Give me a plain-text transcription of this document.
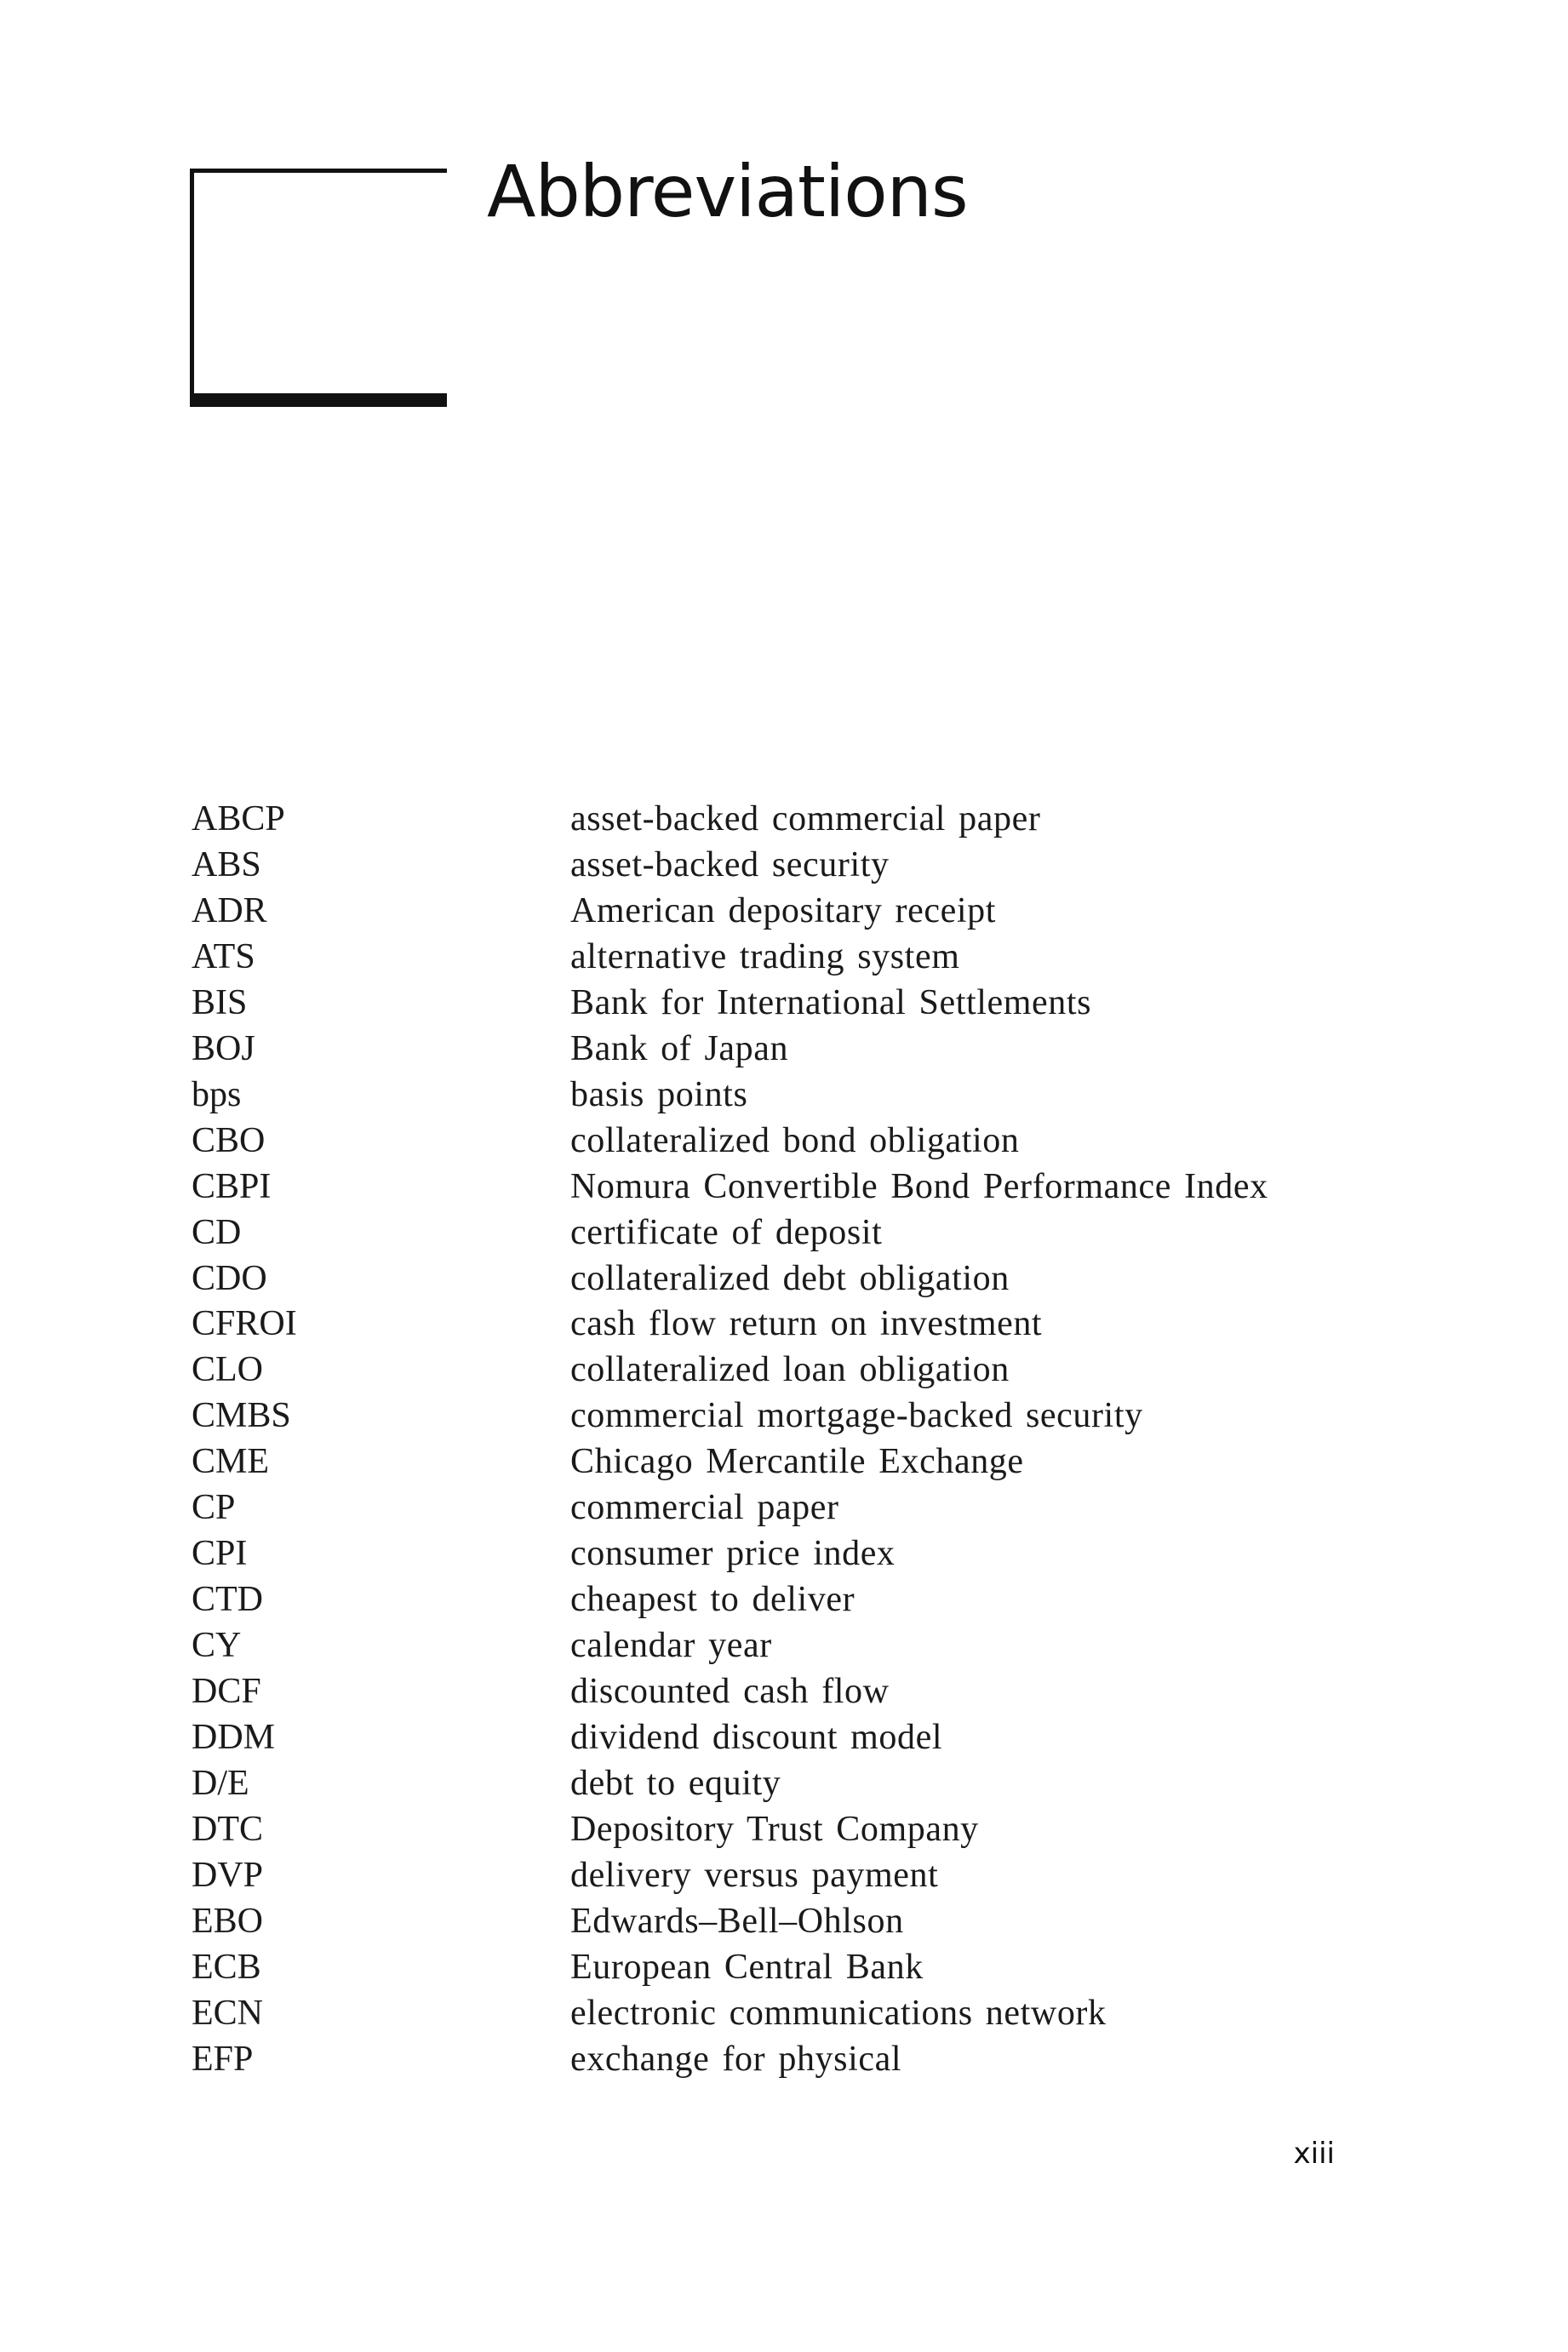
Abbreviations
ABCP	asset-backed commercial paper
ABS	asset-backed security
ADR	American depositary receipt
ATS	alternative trading system
BIS	Bank for International Settlements
BOJ	Bank of Japan
bps	basis points
CBO	collateralized bond obligation
CBPI	Nomura Convertible Bond Performance Index
CD	certificate of deposit
CDO	collateralized debt obligation
CFROI	cash flow return on investment
CLO	collateralized loan obligation
CMBS	commercial mortgage-backed security
CME	Chicago Mercantile Exchange
CP	commercial paper
CPI	consumer price index
CTD	cheapest to deliver
CY	calendar year
DCF	discounted cash flow
DDM	dividend discount model
D/E	debt to equity
DTC	Depository Trust Company
DVP	delivery versus payment
EBO	Edwards–Bell–Ohlson
ECB	European Central Bank
ECN	electronic communications network
EFP	exchange for physical
xiii
